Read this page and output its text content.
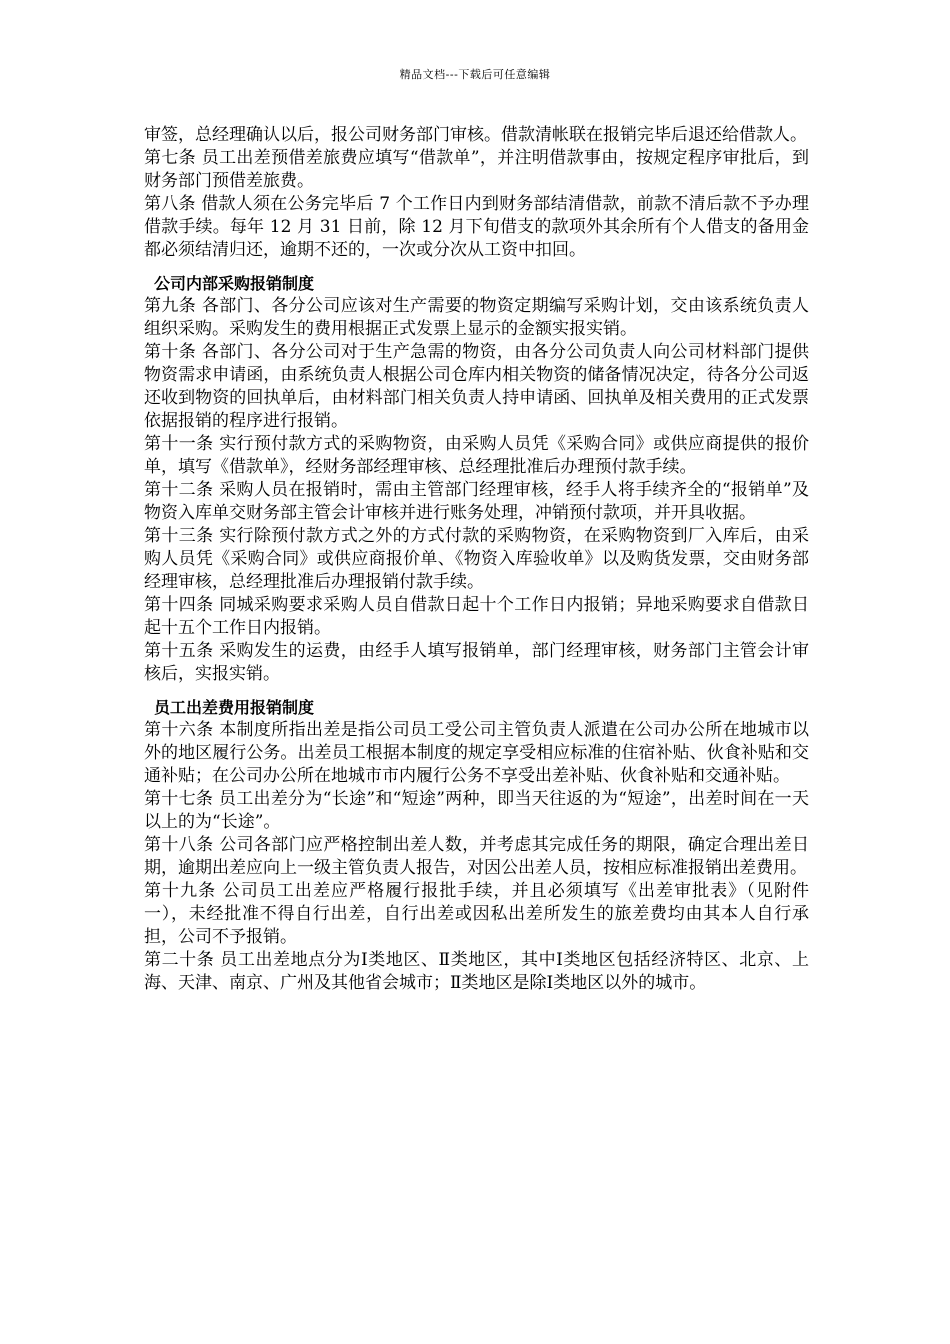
精品文档---下载后可任意编辑

审签，总经理确认以后，报公司财务部门审核。借款清帐联在报销完毕后退还给借款人。

第七条 员工出差预借差旅费应填写“借款单”，并注明借款事由，按规定程序审批后，到财务部门预借差旅费。

第八条 借款人须在公务完毕后 7 个工作日内到财务部结清借款，前款不清后款不予办理借款手续。每年 12 月 31 日前，除 12 月下旬借支的款项外其余所有个人借支的备用金都必须结清归还，逾期不还的，一次或分次从工资中扣回。

公司内部采购报销制度

第九条 各部门、各分公司应该对生产需要的物资定期编写采购计划，交由该系统负责人组织采购。采购发生的费用根据正式发票上显示的金额实报实销。

第十条 各部门、各分公司对于生产急需的物资，由各分公司负责人向公司材料部门提供物资需求申请函，由系统负责人根据公司仓库内相关物资的储备情况决定，待各分公司返还收到物资的回执单后，由材料部门相关负责人持申请函、回执单及相关费用的正式发票依据报销的程序进行报销。

第十一条 实行预付款方式的采购物资，由采购人员凭《采购合同》或供应商提供的报价单，填写《借款单》，经财务部经理审核、总经理批准后办理预付款手续。

第十二条 采购人员在报销时，需由主管部门经理审核，经手人将手续齐全的“报销单”及物资入库单交财务部主管会计审核并进行账务处理，冲销预付款项，并开具收据。

第十三条 实行除预付款方式之外的方式付款的采购物资，在采购物资到厂入库后，由采购人员凭《采购合同》或供应商报价单、《物资入库验收单》以及购货发票，交由财务部经理审核，总经理批准后办理报销付款手续。

第十四条 同城采购要求采购人员自借款日起十个工作日内报销；异地采购要求自借款日起十五个工作日内报销。

第十五条 采购发生的运费，由经手人填写报销单，部门经理审核，财务部门主管会计审核后，实报实销。

员工出差费用报销制度

第十六条 本制度所指出差是指公司员工受公司主管负责人派遣在公司办公所在地城市以外的地区履行公务。出差员工根据本制度的规定享受相应标准的住宿补贴、伙食补贴和交通补贴；在公司办公所在地城市市内履行公务不享受出差补贴、伙食补贴和交通补贴。

第十七条 员工出差分为“长途”和“短途”两种，即当天往返的为“短途”，出差时间在一天以上的为“长途”。

第十八条 公司各部门应严格控制出差人数，并考虑其完成任务的期限，确定合理出差日期，逾期出差应向上一级主管负责人报告，对因公出差人员，按相应标准报销出差费用。

第十九条 公司员工出差应严格履行报批手续，并且必须填写《出差审批表》（见附件一），未经批准不得自行出差，自行出差或因私出差所发生的旅差费均由其本人自行承担，公司不予报销。

第二十条 员工出差地点分为Ⅰ类地区、Ⅱ类地区，其中Ⅰ类地区包括经济特区、北京、上海、天津、南京、广州及其他省会城市；Ⅱ类地区是除Ⅰ类地区以外的城市。
